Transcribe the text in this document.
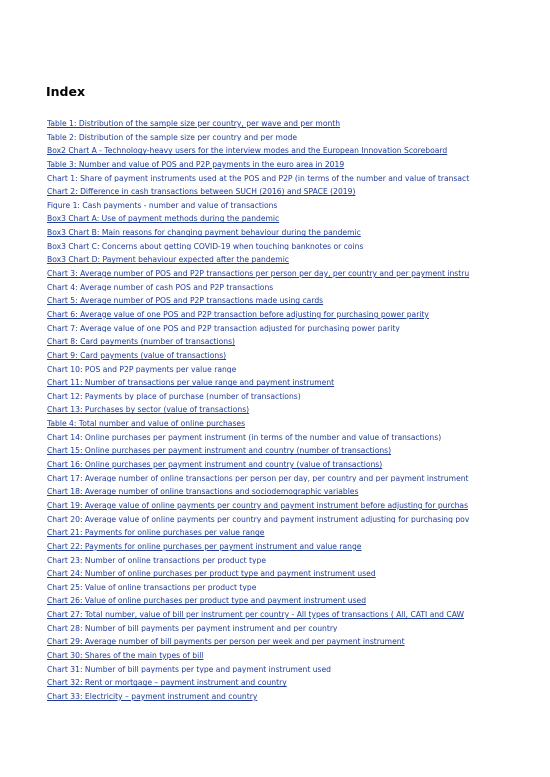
Index
Table 1: Distribution of the sample size per country, per wave and per month
Table 2: Distribution of the sample size per country and per mode
Box2 Chart A - Technology-heavy users for the interview modes and the European Innovation Scoreboard
Table 3: Number and value of POS and P2P payments in the euro area in 2019
Chart 1: Share of payment instruments used at the POS and P2P (in terms of the number and value of transact
Chart 2: Difference in cash transactions between SUCH (2016) and SPACE (2019)
Figure 1: Cash payments - number and value of transactions
Box3 Chart A: Use of payment methods during the pandemic
Box3 Chart B: Main reasons for changing payment behaviour during the pandemic
Box3 Chart C: Concerns about getting COVID-19 when touching banknotes or coins
Box3 Chart D: Payment behaviour expected after the pandemic
Chart 3: Average number of POS and P2P transactions per person per day, per country and per payment instru
Chart 4: Average number of cash POS and P2P transactions
Chart 5: Average number of POS and P2P transactions made using cards
Chart 6: Average value of one POS and P2P transaction before adjusting for purchasing power parity
Chart 7: Average value of one POS and P2P transaction adjusted for purchasing power parity
Chart 8: Card payments (number of transactions)
Chart 9: Card payments (value of transactions)
Chart 10: POS and P2P payments per value range
Chart 11: Number of transactions per value range and payment instrument
Chart 12: Payments by place of purchase (number of transactions)
Chart 13: Purchases by sector (value of transactions)
Table 4: Total number and value of online purchases
Chart 14: Online purchases per payment instrument (in terms of the number and value of transactions)
Chart 15: Online purchases per payment instrument and country (number of transactions)
Chart 16: Online purchases per payment instrument and country (value of transactions)
Chart 17: Average number of online transactions per person per day, per country and per payment instrument
Chart 18: Average number of online transactions and sociodemographic variables
Chart 19: Average value of online payments per country and payment instrument before adjusting for purchas
Chart 20: Average value of online payments per country and payment instrument adjusting for purchasing pov
Chart 21: Payments for online purchases per value range
Chart 22: Payments for online purchases per payment instrument and value range
Chart 23: Number of online transactions per product type
Chart 24: Number of online purchases per product type and payment instrument used
Chart 25: Value of online transactions per product type
Chart 26: Value of online purchases per product type and payment instrument used
Chart 27: Total number, value of bill per instrument per country - All types of transactions ( All, CATI and CAW
Chart 28: Number of bill payments per payment instrument and per country
Chart 29: Average number of bill payments per person per week and per payment instrument
Chart 30: Shares of the main types of bill
Chart 31: Number of bill payments per type and payment instrument used
Chart 32: Rent or mortgage – payment instrument and country
Chart 33: Electricity – payment instrument and country
